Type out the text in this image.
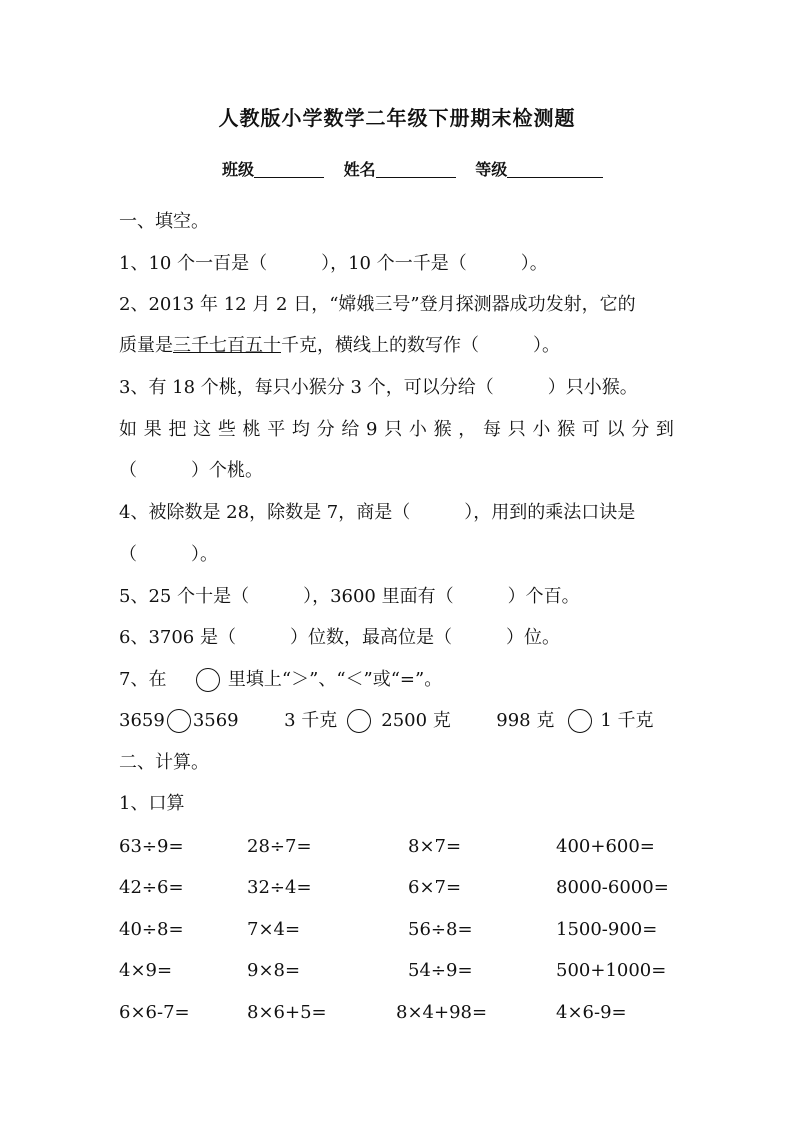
人教版小学数学二年级下册期末检测题
班级	姓名	等级
一、填空。
1、10 个一百是（　　　），10 个一千是（　　　）。
2、2013 年 12 月 2 日，“嫦娥三号”登月探测器成功发射，它的
质量是三千七百五十千克，横线上的数写作（　　　）。
3、有 18 个桃，每只小猴分 3 个，可以分给（　　　）只小猴。
如 果 把 这 些 桃 平 均 分 给 9 只 小 猴 ， 每 只 小 猴 可 以 分 到
（　　　）个桃。
4、被除数是 28，除数是 7，商是（　　　），用到的乘法口诀是
（　　　）。
5、25 个十是（　　　），3600 里面有（　　　）个百。
6、3706 是（　　　）位数，最高位是（　　　）位。
7、在	里填上“＞”、“＜”或“=”。
3659 3569	3 千克 2500 克	998 克	1 千克
二、计算。
1、口算
63÷9=	28÷7=	8×7=	400+600=
42÷6=	32÷4=	6×7=	8000-6000=
40÷8=	7×4=	56÷8=	1500-900=
4×9=	9×8=	54÷9=	500+1000=
6×6-7=	8×6+5=	8×4+98=	4×6-9=
